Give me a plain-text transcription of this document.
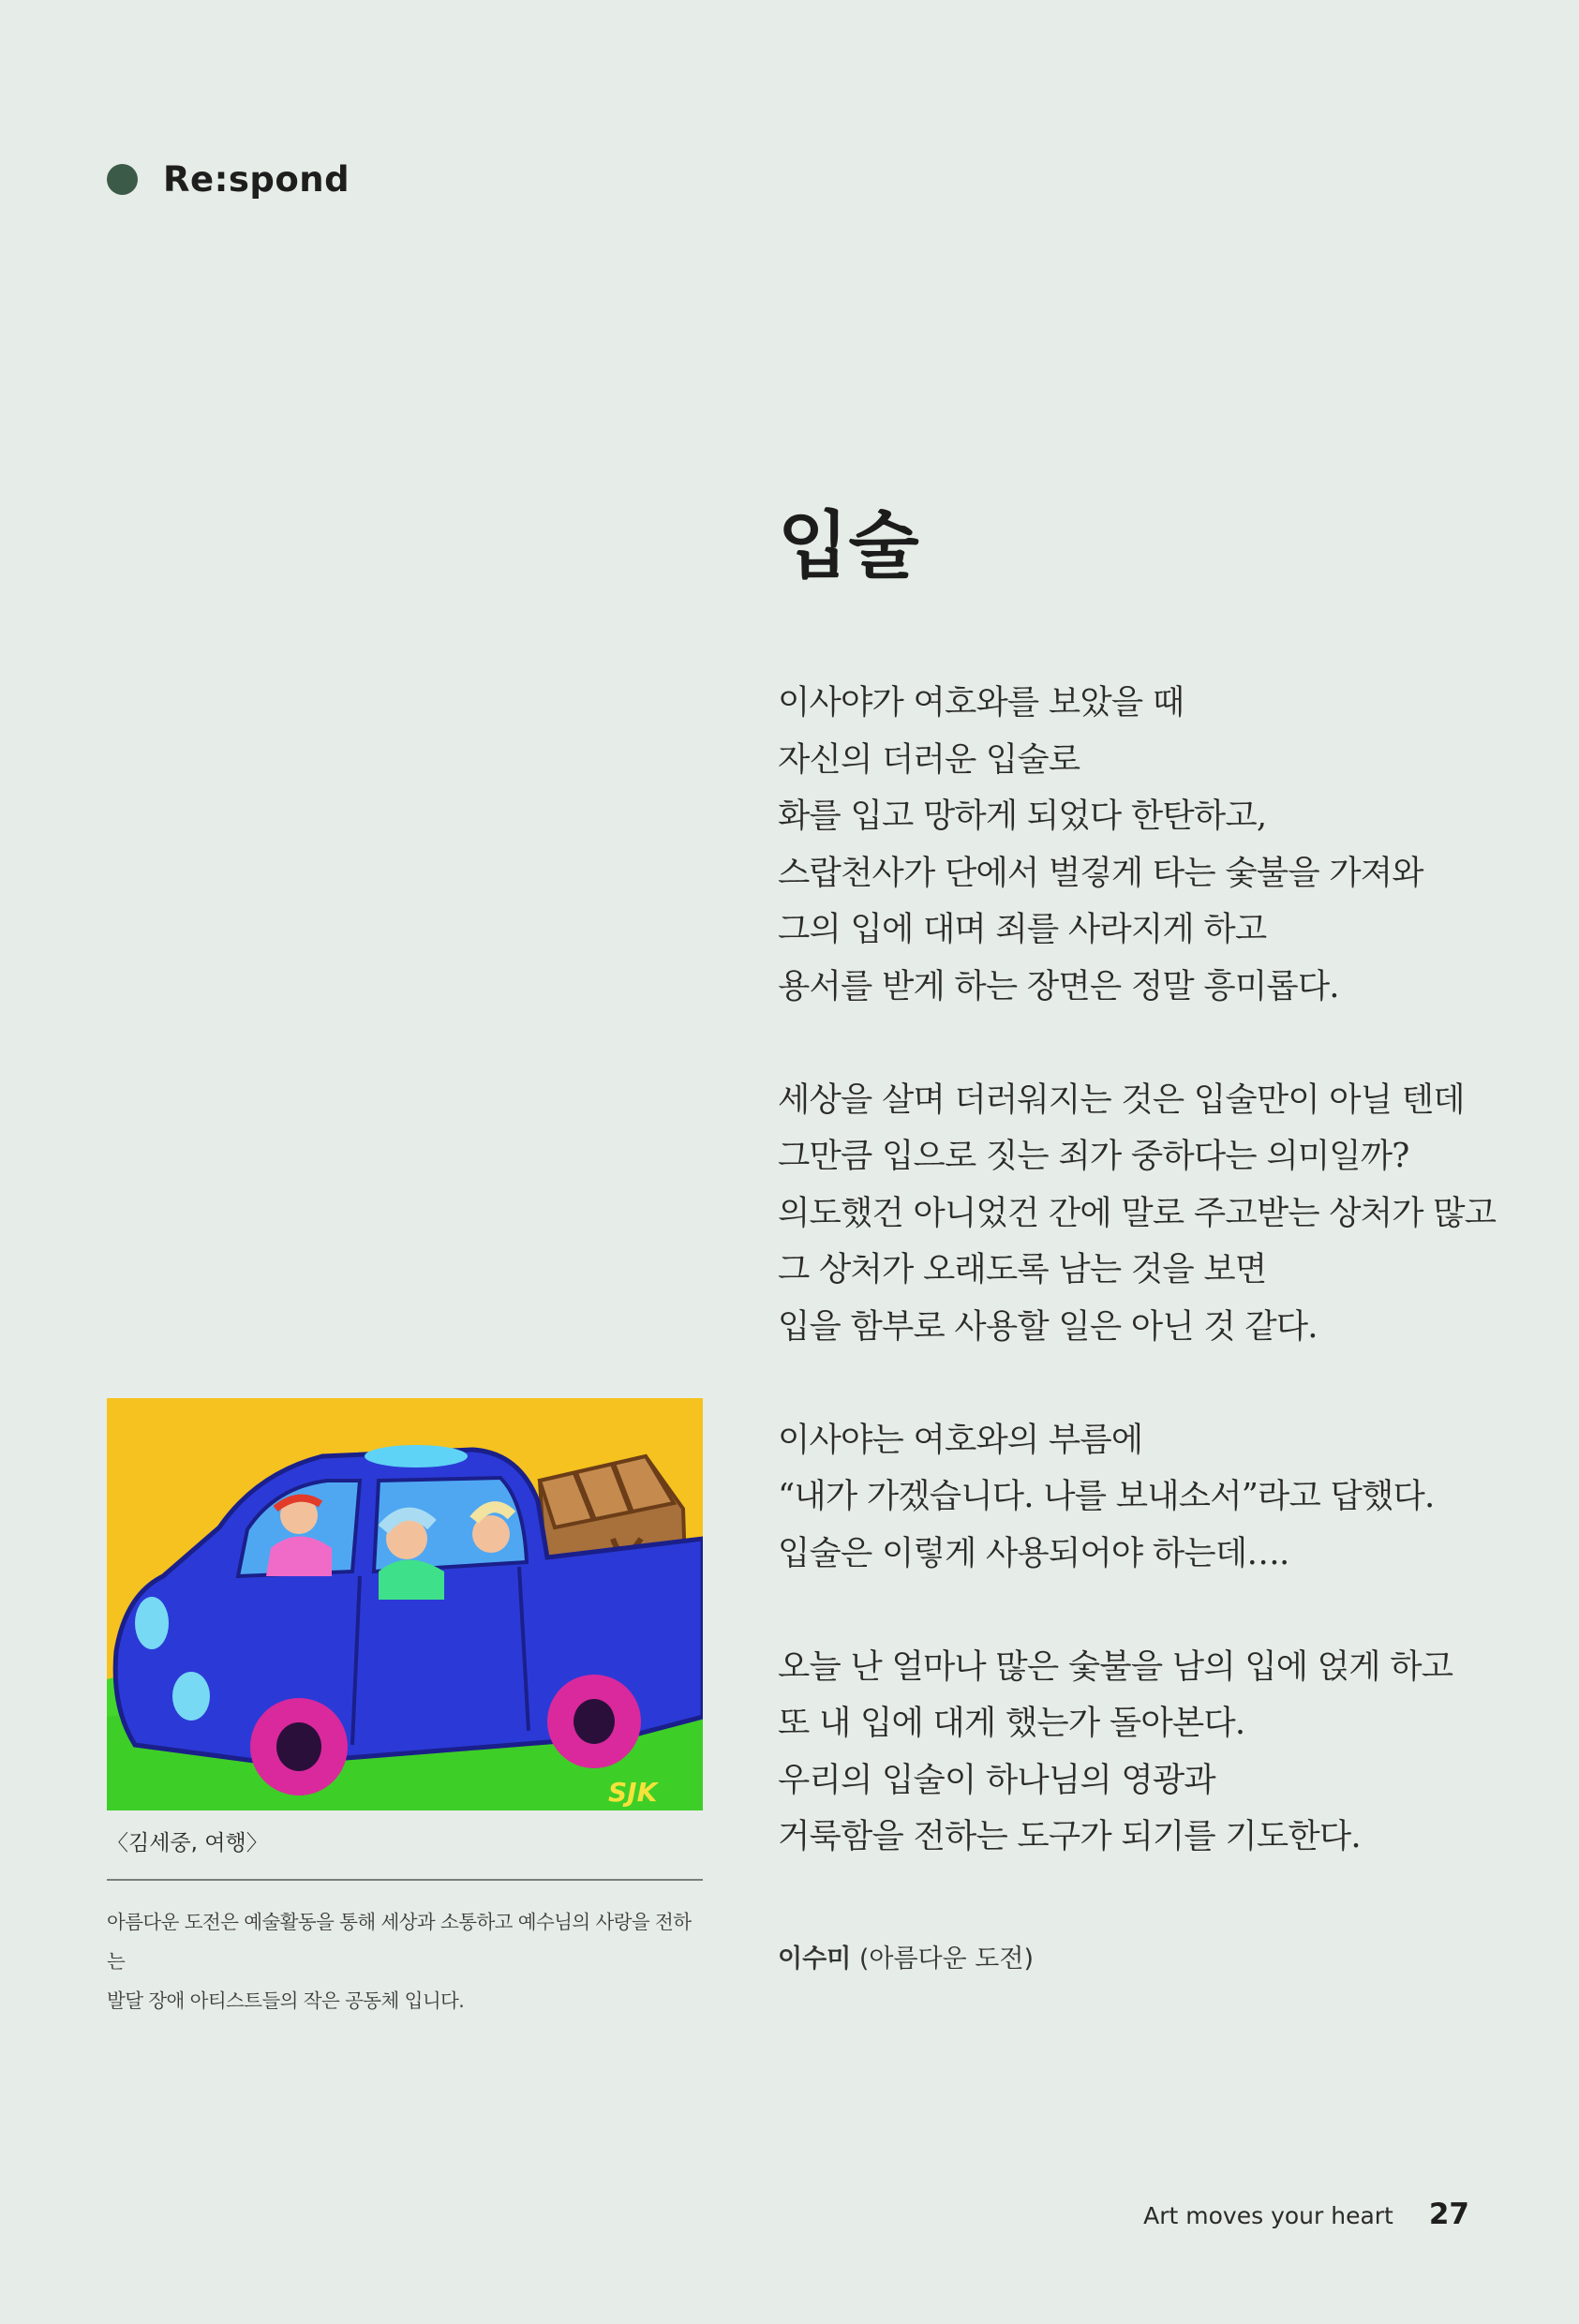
Re:spond
입술
이사야가 여호와를 보았을 때
자신의 더러운 입술로
화를 입고 망하게 되었다 한탄하고,
스랍천사가 단에서 벌겋게 타는 숯불을 가져와
그의 입에 대며 죄를 사라지게 하고
용서를 받게 하는 장면은 정말 흥미롭다.
세상을 살며 더러워지는 것은 입술만이 아닐 텐데
그만큼 입으로 짓는 죄가 중하다는 의미일까?
의도했건 아니었건 간에 말로 주고받는 상처가 많고
그 상처가 오래도록 남는 것을 보면
입을 함부로 사용할 일은 아닌 것 같다.
이사야는 여호와의 부름에
“내가 가겠습니다. 나를 보내소서”라고 답했다.
입술은 이렇게 사용되어야 하는데….
오늘 난 얼마나 많은 숯불을 남의 입에 얹게 하고
또 내 입에 대게 했는가 돌아본다.
우리의 입술이 하나님의 영광과
거룩함을 전하는 도구가 되기를 기도한다.
이수미 (아름다운 도전)
SJK
〈김세중, 여행〉
아름다운 도전은 예술활동을 통해 세상과 소통하고 예수님의 사랑을 전하는
발달 장애 아티스트들의 작은 공동체 입니다.
Art moves your heart 27
